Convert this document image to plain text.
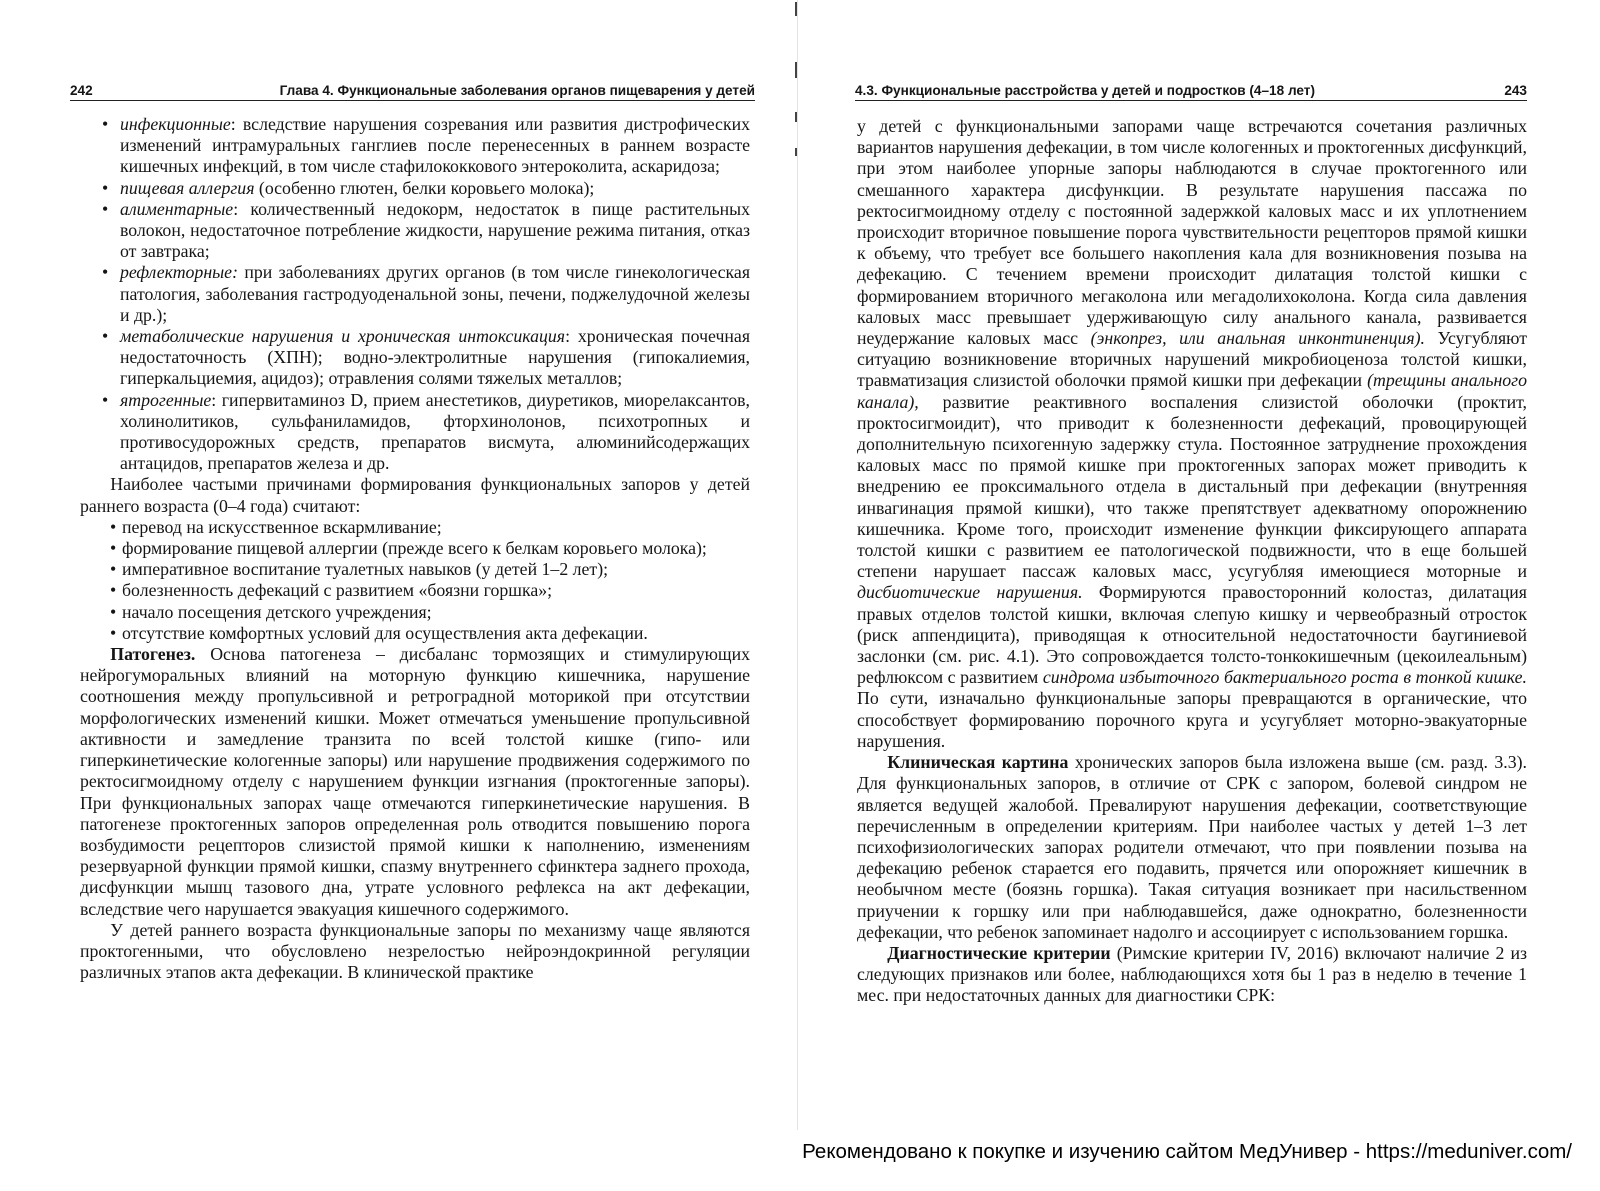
242	Глава 4. Функциональные заболевания органов пищеварения у детей

• инфекционные: вследствие нарушения созревания или развития дистрофических изменений интрамуральных ганглиев после перенесенных в раннем возрасте кишечных инфекций, в том числе стафилококкового энтероколита, аскаридоза;

• пищевая аллергия (особенно глютен, белки коровьего молока);

• алиментарные: количественный недокорм, недостаток в пище растительных волокон, недостаточное потребление жидкости, нарушение режима питания, отказ от завтрака;

• рефлекторные: при заболеваниях других органов (в том числе гинекологическая патология, заболевания гастродуоденальной зоны, печени, поджелудочной железы и др.);

• метаболические нарушения и хроническая интоксикация: хроническая почечная недостаточность (ХПН); водно-электролитные нарушения (гипокалиемия, гиперкальциемия, ацидоз); отравления солями тяжелых металлов;

• ятрогенные: гипервитаминоз D, прием анестетиков, диуретиков, миорелаксантов, холинолитиков, сульфаниламидов, фторхинолонов, психотропных и противосудорожных средств, препаратов висмута, алюминийсодержащих антацидов, препаратов железа и др.

Наиболее частыми причинами формирования функциональных запоров у детей раннего возраста (0–4 года) считают:

• перевод на искусственное вскармливание;

• формирование пищевой аллергии (прежде всего к белкам коровьего молока);

• императивное воспитание туалетных навыков (у детей 1–2 лет);

• болезненность дефекаций с развитием «боязни горшка»;

• начало посещения детского учреждения;

• отсутствие комфортных условий для осуществления акта дефекации.

Патогенез. Основа патогенеза – дисбаланс тормозящих и стимулирующих нейрогуморальных влияний на моторную функцию кишечника, нарушение соотношения между пропульсивной и ретроградной моторикой при отсутствии морфологических изменений кишки. Может отмечаться уменьшение пропульсивной активности и замедление транзита по всей толстой кишке (гипо- или гиперкинетические кологенные запоры) или нарушение продвижения содержимого по ректосигмоидному отделу с нарушением функции изгнания (проктогенные запоры). При функциональных запорах чаще отмечаются гиперкинетические нарушения. В патогенезе проктогенных запоров определенная роль отводится повышению порога возбудимости рецепторов слизистой прямой кишки к наполнению, изменениям резервуарной функции прямой кишки, спазму внутреннего сфинктера заднего прохода, дисфункции мышц тазового дна, утрате условного рефлекса на акт дефекации, вследствие чего нарушается эвакуация кишечного содержимого.

У детей раннего возраста функциональные запоры по механизму чаще являются проктогенными, что обусловлено незрелостью нейроэндокринной регуляции различных этапов акта дефекации. В клинической практике

4.3. Функциональные расстройства у детей и подростков (4–18 лет)	243

у детей с функциональными запорами чаще встречаются сочетания различных вариантов нарушения дефекации, в том числе кологенных и проктогенных дисфункций, при этом наиболее упорные запоры наблюдаются в случае проктогенного или смешанного характера дисфункции. В результате нарушения пассажа по ректосигмоидному отделу с постоянной задержкой каловых масс и их уплотнением происходит вторичное повышение порога чувствительности рецепторов прямой кишки к объему, что требует все большего накопления кала для возникновения позыва на дефекацию. С течением времени происходит дилатация толстой кишки с формированием вторичного мегаколона или мегадолихоколона. Когда сила давления каловых масс превышает удерживающую силу анального канала, развивается неудержание каловых масс (энкопрез, или анальная инконтиненция). Усугубляют ситуацию возникновение вторичных нарушений микробиоценоза толстой кишки, травматизация слизистой оболочки прямой кишки при дефекации (трещины анального канала), развитие реактивного воспаления слизистой оболочки (проктит, проктосигмоидит), что приводит к болезненности дефекаций, провоцирующей дополнительную психогенную задержку стула. Постоянное затруднение прохождения каловых масс по прямой кишке при проктогенных запорах может приводить к внедрению ее проксимального отдела в дистальный при дефекации (внутренняя инвагинация прямой кишки), что также препятствует адекватному опорожнению кишечника. Кроме того, происходит изменение функции фиксирующего аппарата толстой кишки с развитием ее патологической подвижности, что в еще большей степени нарушает пассаж каловых масс, усугубляя имеющиеся моторные и дисбиотические нарушения. Формируются правосторонний колостаз, дилатация правых отделов толстой кишки, включая слепую кишку и червеобразный отросток (риск аппендицита), приводящая к относительной недостаточности баугиниевой заслонки (см. рис. 4.1). Это сопровождается толсто-тонкокишечным (цекоилеальным) рефлюксом с развитием синдрома избыточного бактериального роста в тонкой кишке. По сути, изначально функциональные запоры превращаются в органические, что способствует формированию порочного круга и усугубляет моторно-эвакуаторные нарушения.

Клиническая картина хронических запоров была изложена выше (см. разд. 3.3). Для функциональных запоров, в отличие от СРК с запором, болевой синдром не является ведущей жалобой. Превалируют нарушения дефекации, соответствующие перечисленным в определении критериям. При наиболее частых у детей 1–3 лет психофизиологических запорах родители отмечают, что при появлении позыва на дефекацию ребенок старается его подавить, прячется или опорожняет кишечник в необычном месте (боязнь горшка). Такая ситуация возникает при насильственном приучении к горшку или при наблюдавшейся, даже однократно, болезненности дефекации, что ребенок запоминает надолго и ассоциирует с использованием горшка.

Диагностические критерии (Римские критерии IV, 2016) включают наличие 2 из следующих признаков или более, наблюдающихся хотя бы 1 раз в неделю в течение 1 мес. при недостаточных данных для диагностики СРК:

Рекомендовано к покупке и изучению сайтом МедУнивер - https://meduniver.com/
